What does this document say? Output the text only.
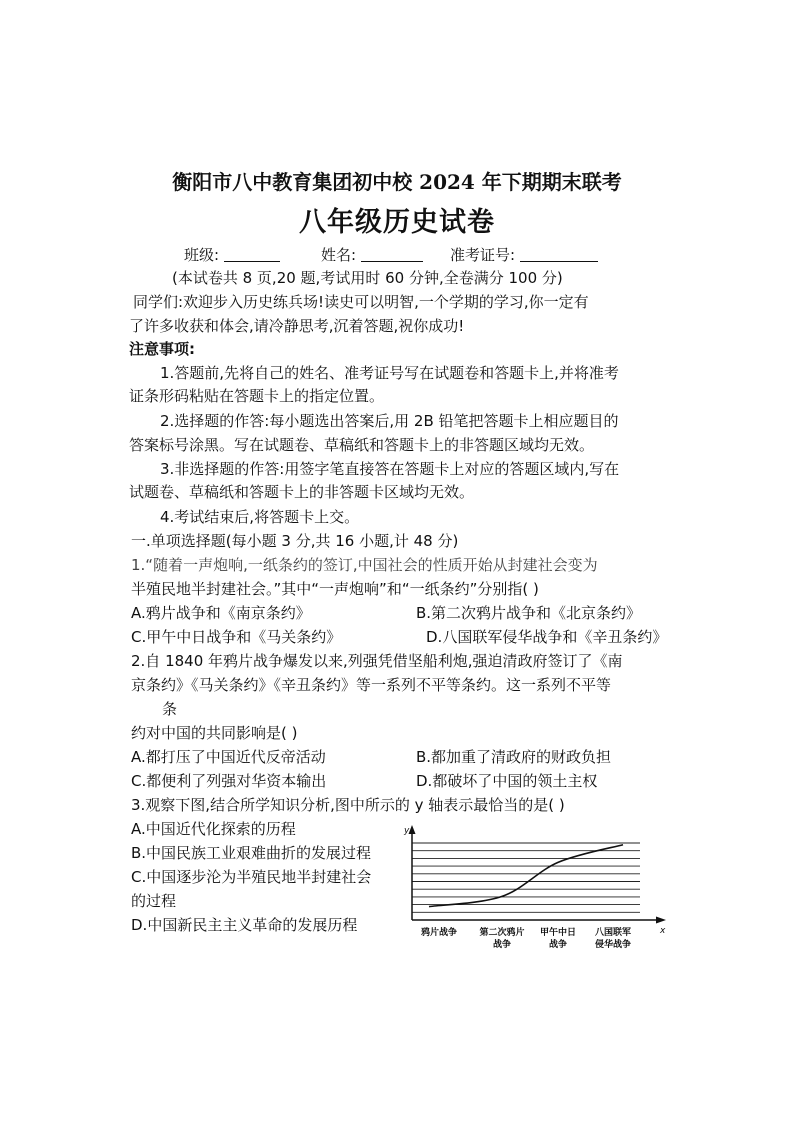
衡阳市八中教育集团初中校 2024 年下期期末联考
八年级历史试卷
班级:	姓名:	准考证号:
(本试卷共 8 页,20 题,考试用时 60 分钟,全卷满分 100 分)
同学们:欢迎步入历史练兵场!读史可以明智,一个学期的学习,你一定有
了许多收获和体会,请冷静思考,沉着答题,祝你成功!
注意事项:
1.答题前,先将自己的姓名、准考证号写在试题卷和答题卡上,并将准考
证条形码粘贴在答题卡上的指定位置。
2.选择题的作答:每小题选出答案后,用 2B 铅笔把答题卡上相应题目的
答案标号涂黑。写在试题卷、草稿纸和答题卡上的非答题区域均无效。
3.非选择题的作答:用签字笔直接答在答题卡上对应的答题区域内,写在
试题卷、草稿纸和答题卡上的非答题卡区域均无效。
4.考试结束后,将答题卡上交。
一.单项选择题(每小题 3 分,共 16 小题,计 48 分)
1.“随着一声炮响,一纸条约的签订,中国社会的性质开始从封建社会变为
半殖民地半封建社会。”其中“一声炮响”和“一纸条约”分别指( )
A.鸦片战争和《南京条约》	B.第二次鸦片战争和《北京条约》
C.甲午中日战争和《马关条约》	D.八国联军侵华战争和《辛丑条约》
2.自 1840 年鸦片战争爆发以来,列强凭借坚船利炮,强迫清政府签订了《南
京条约》《马关条约》《辛丑条约》等一系列不平等条约。这一系列不平等
条
约对中国的共同影响是( )
A.都打压了中国近代反帝活动	B.都加重了清政府的财政负担
C.都便利了列强对华资本输出	D.都破坏了中国的领土主权
3.观察下图,结合所学知识分析,图中所示的 y 轴表示最恰当的是( )
A.中国近代化探索的历程
B.中国民族工业艰难曲折的发展过程
C.中国逐步沦为半殖民地半封建社会
的过程
D.中国新民主主义革命的发展历程
y
x
鸦片战争 第二次鸦片
战争
甲午中日
战争
八国联军
侵华战争
